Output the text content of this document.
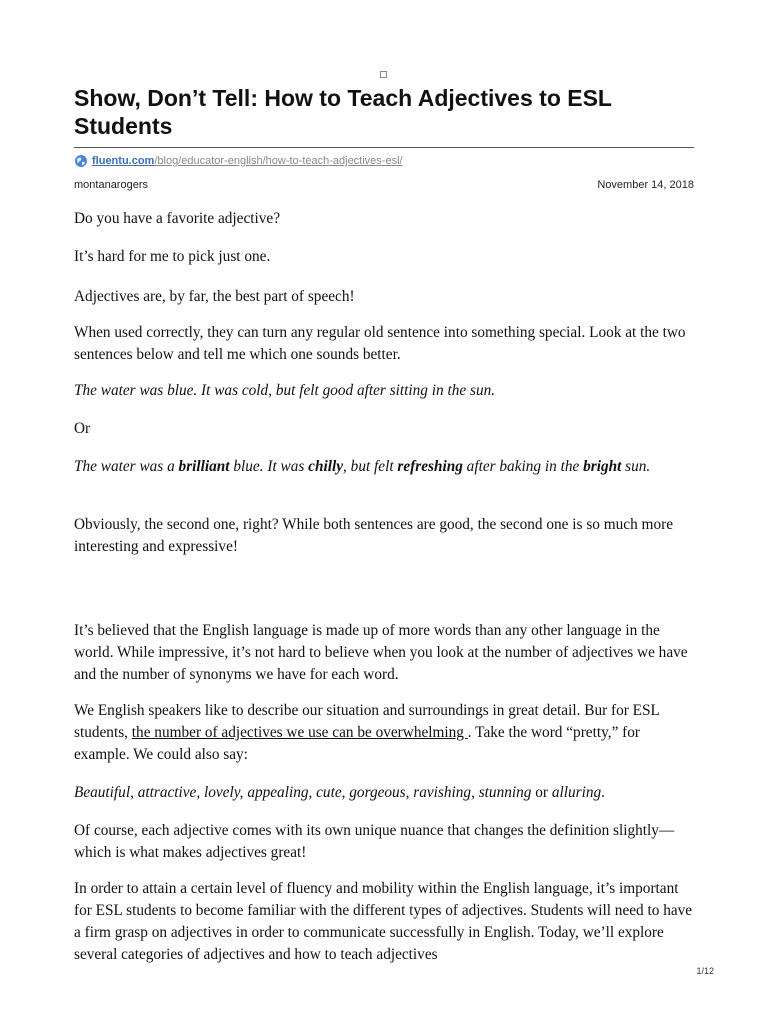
Show, Don’t Tell: How to Teach Adjectives to ESL Students
fluentu.com/blog/educator-english/how-to-teach-adjectives-esl/
montanarogers	November 14, 2018

Do you have a favorite adjective?

It’s hard for me to pick just one.

Adjectives are, by far, the best part of speech!

When used correctly, they can turn any regular old sentence into something special. Look at the two sentences below and tell me which one sounds better.

The water was blue. It was cold, but felt good after sitting in the sun.

Or

The water was a brilliant blue. It was chilly, but felt refreshing after baking in the bright sun.

Obviously, the second one, right? While both sentences are good, the second one is so much more interesting and expressive!

It’s believed that the English language is made up of more words than any other language in the world. While impressive, it’s not hard to believe when you look at the number of adjectives we have and the number of synonyms we have for each word.

We English speakers like to describe our situation and surroundings in great detail. Bur for ESL students, the number of adjectives we use can be overwhelming . Take the word “pretty,” for example. We could also say:

Beautiful, attractive, lovely, appealing, cute, gorgeous, ravishing, stunning or alluring.

Of course, each adjective comes with its own unique nuance that changes the definition slightly—which is what makes adjectives great!

In order to attain a certain level of fluency and mobility within the English language, it’s important for ESL students to become familiar with the different types of adjectives. Students will need to have a firm grasp on adjectives in order to communicate successfully in English. Today, we’ll explore several categories of adjectives and how to teach adjectives

1/12
